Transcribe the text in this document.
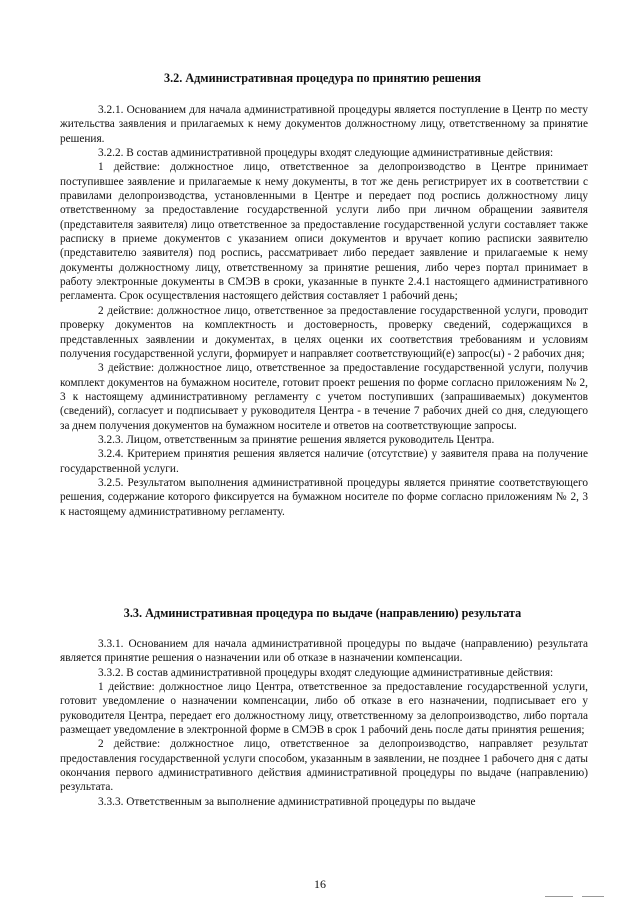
3.2. Административная процедура по принятию решения

3.2.1. Основанием для начала административной процедуры является поступление в Центр по месту жительства заявления и прилагаемых к нему документов должностному лицу, ответственному за принятие решения.

3.2.2. В состав административной процедуры входят следующие административные действия:

1 действие: должностное лицо, ответственное за делопроизводство в Центре принимает поступившее заявление и прилагаемые к нему документы, в тот же день регистрирует их в соответствии с правилами делопроизводства, установленными в Центре и передает под роспись должностному лицу ответственному за предоставление государственной услуги либо при личном обращении заявителя (представителя заявителя) лицо ответственное за предоставление государственной услуги составляет также расписку в приеме документов с указанием описи документов и вручает копию расписки заявителю (представителю заявителя) под роспись, рассматривает либо передает заявление и прилагаемые к нему документы должностному лицу, ответственному за принятие решения, либо через портал принимает в работу электронные документы в СМЭВ в сроки, указанные в пункте 2.4.1 настоящего административного регламента. Срок осуществления настоящего действия составляет 1 рабочий день;

2 действие: должностное лицо, ответственное за предоставление государственной услуги, проводит проверку документов на комплектность и достоверность, проверку сведений, содержащихся в представленных заявлении и документах, в целях оценки их соответствия требованиям и условиям получения государственной услуги, формирует и направляет соответствующий(е) запрос(ы) - 2 рабочих дня;

3 действие: должностное лицо, ответственное за предоставление государственной услуги, получив комплект документов на бумажном носителе, готовит проект решения по форме согласно приложениям № 2, 3 к настоящему административному регламенту с учетом поступивших (запрашиваемых) документов (сведений), согласует и подписывает у руководителя Центра - в течение 7 рабочих дней со дня, следующего за днем получения документов на бумажном носителе и ответов на соответствующие запросы.

3.2.3. Лицом, ответственным за принятие решения является руководитель Центра.

3.2.4. Критерием принятия решения является наличие (отсутствие) у заявителя права на получение государственной услуги.

3.2.5. Результатом выполнения административной процедуры является принятие соответствующего решения, содержание которого фиксируется на бумажном носителе по форме согласно приложениям № 2, 3 к настоящему административному регламенту.

3.3. Административная процедура по выдаче (направлению) результата

3.3.1. Основанием для начала административной процедуры по выдаче (направлению) результата является принятие решения о назначении или об отказе в назначении компенсации.

3.3.2. В состав административной процедуры входят следующие административные действия:

1 действие: должностное лицо Центра, ответственное за предоставление государственной услуги, готовит уведомление о назначении компенсации, либо об отказе в его назначении, подписывает его у руководителя Центра, передает его должностному лицу, ответственному за делопроизводство, либо портала размещает уведомление в электронной форме в СМЭВ в срок 1 рабочий день после даты принятия решения;

2 действие: должностное лицо, ответственное за делопроизводство, направляет результат предоставления государственной услуги способом, указанным в заявлении, не позднее 1 рабочего дня с даты окончания первого административного действия административной процедуры по выдаче (направлению) результата.

3.3.3. Ответственным за выполнение административной процедуры по выдаче

16
